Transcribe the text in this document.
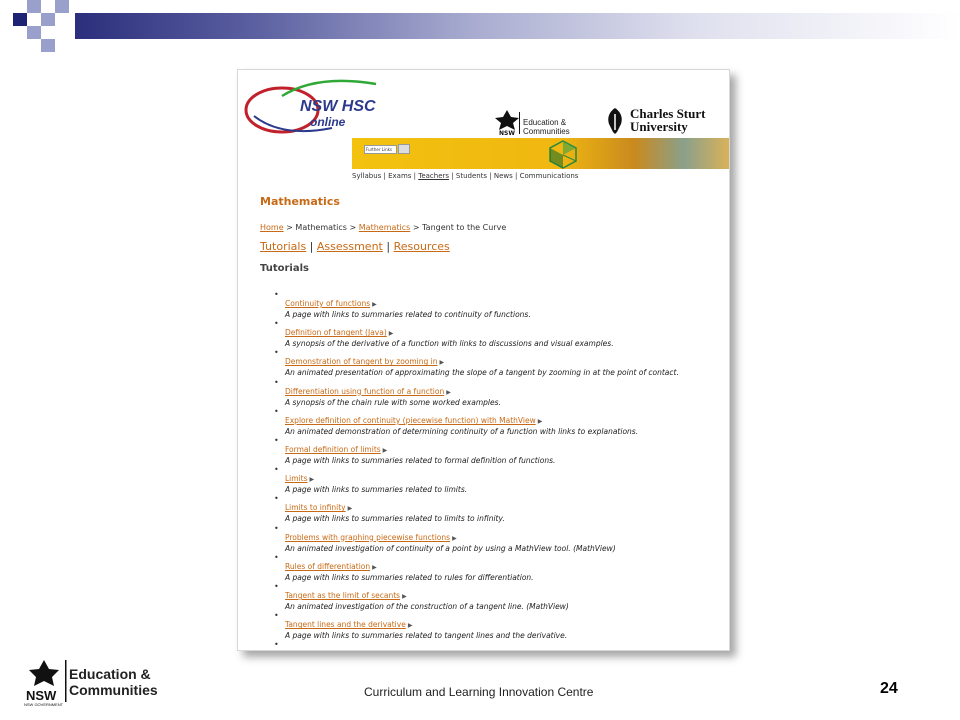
NSW HSC
online
NSW
Education &
Communities
Charles Sturt
University
Further Links
Syllabus | Exams | Teachers | Students | News | Communications
Mathematics
Home > Mathematics > Mathematics > Tangent to the Curve
Tutorials | Assessment | Resources
Tutorials
• Continuity of functions ▶
A page with links to summaries related to continuity of functions.
• Definition of tangent (Java) ▶
A synopsis of the derivative of a function with links to discussions and visual examples.
• Demonstration of tangent by zooming in ▶
An animated presentation of approximating the slope of a tangent by zooming in at the point of contact.
• Differentiation using function of a function ▶
A synopsis of the chain rule with some worked examples.
• Explore definition of continuity (piecewise function) with MathView ▶
An animated demonstration of determining continuity of a function with links to explanations.
• Formal definition of limits ▶
A page with links to summaries related to formal definition of functions.
• Limits ▶
A page with links to summaries related to limits.
• Limits to infinity ▶
A page with links to summaries related to limits to infinity.
• Problems with graphing piecewise functions ▶
An animated investigation of continuity of a point by using a MathView tool. (MathView)
• Rules of differentiation ▶
A page with links to summaries related to rules for differentiation.
• Tangent as the limit of secants ▶
An animated investigation of the construction of a tangent line. (MathView)
• Tangent lines and the derivative ▶
A page with links to summaries related to tangent lines and the derivative.
•
Education &
Communities
NSW
NSW GOVERNMENT
Curriculum and Learning Innovation Centre	24
